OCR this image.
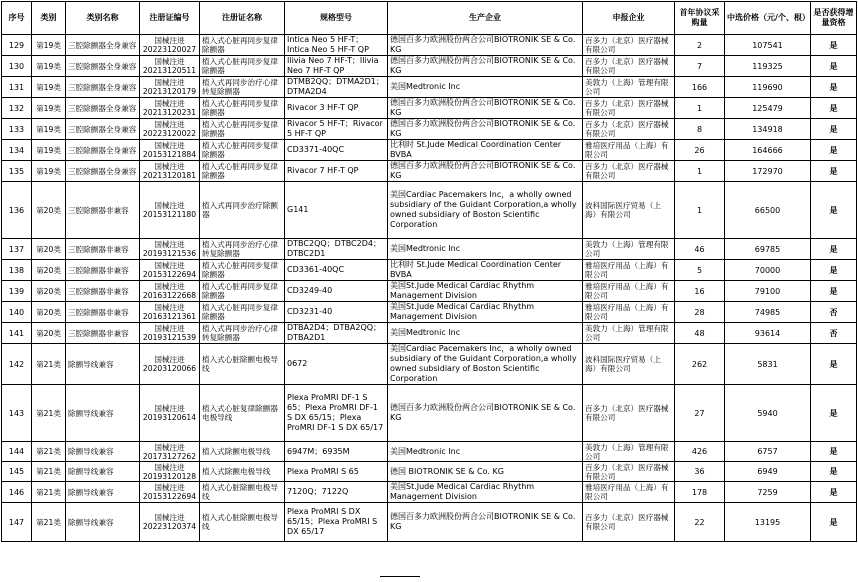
序号	类别	类别名称	注册证编号	注册证名称	规格型号	生产企业	申报企业	首年协议采购量	中选价格（元/个、根）	是否获得增量资格
129	第19类	三腔除颤器全身兼容	国械注进 20223120027	植入式心脏再同步复律除颤器	Intica Neo 5 HF-T；Intica Neo 5 HF-T QP	德国百多力欧洲股份两合公司BIOTRONIK SE & Co. KG	百多力（北京）医疗器械有限公司	2	107541	是
130	第19类	三腔除颤器全身兼容	国械注进 20213120511	植入式心脏再同步复律除颤器	Ilivia Neo 7 HF-T；Ilivia Neo 7 HF-T QP	德国百多力欧洲股份两合公司BIOTRONIK SE & Co. KG	百多力（北京）医疗器械有限公司	7	119325	是
131	第19类	三腔除颤器全身兼容	国械注进 20213120179	植入式再同步治疗心律转复除颤器	DTMB2QQ；DTMA2D1；DTMA2D4	美国Medtronic Inc	美敦力（上海）管理有限公司	166	119690	是
132	第19类	三腔除颤器全身兼容	国械注进 20213120231	植入式心脏再同步复律除颤器	Rivacor 3 HF-T QP	德国百多力欧洲股份两合公司BIOTRONIK SE & Co. KG	百多力（北京）医疗器械有限公司	1	125479	是
133	第19类	三腔除颤器全身兼容	国械注进 20223120022	植入式心脏再同步复律除颤器	Rivacor 5 HF-T；Rivacor 5 HF-T QP	德国百多力欧洲股份两合公司BIOTRONIK SE & Co. KG	百多力（北京）医疗器械有限公司	8	134918	是
134	第19类	三腔除颤器全身兼容	国械注进 20153121884	植入式心脏再同步复律除颤器	CD3371-40QC	比利时 St.Jude Medical Coordination Center BVBA	雅培医疗用品（上海）有限公司	26	164666	是
135	第19类	三腔除颤器全身兼容	国械注进 20213120181	植入式心脏再同步复律除颤器	Rivacor 7 HF-T QP	德国百多力欧洲股份两合公司BIOTRONIK SE & Co. KG	百多力（北京）医疗器械有限公司	1	172970	是
136	第20类	三腔除颤器非兼容	国械注进 20153121180	植入式再同步治疗除颤器	G141	美国Cardiac Pacemakers Inc，a wholly owned subsidiary of the Guidant Corporation,a wholly owned subsidiary of Boston Scientific Corporation	波科国际医疗贸易（上海）有限公司	1	66500	是
137	第20类	三腔除颤器非兼容	国械注进 20193121536	植入式再同步治疗心律转复除颤器	DTBC2QQ；DTBC2D4；DTBC2D1	美国Medtronic Inc	美敦力（上海）管理有限公司	46	69785	是
138	第20类	三腔除颤器非兼容	国械注进 20153122694	植入式心脏再同步复律除颤器	CD3361-40QC	比利时 St.Jude Medical Coordination Center BVBA	雅培医疗用品（上海）有限公司	5	70000	是
139	第20类	三腔除颤器非兼容	国械注进 20163122668	植入式心脏再同步复律除颤器	CD3249-40	美国St.Jude Medical Cardiac Rhythm Management Division	雅培医疗用品（上海）有限公司	16	79100	是
140	第20类	三腔除颤器非兼容	国械注进 20163121361	植入式心脏再同步复律除颤器	CD3231-40	美国St.Jude Medical Cardiac Rhythm Management Division	雅培医疗用品（上海）有限公司	28	74985	否
141	第20类	三腔除颤器非兼容	国械注进 20193121539	植入式再同步治疗心律转复除颤器	DTBA2D4；DTBA2QQ；DTBA2D1	美国Medtronic Inc	美敦力（上海）管理有限公司	48	93614	否
142	第21类	除颤导线兼容	国械注进 20203120066	植入式心脏除颤电极导线	0672	美国Cardiac Pacemakers Inc，a wholly owned subsidiary of the Guidant Corporation,a wholly owned subsidiary of Boston Scientific Corporation	波科国际医疗贸易（上海）有限公司	262	5831	是
143	第21类	除颤导线兼容	国械注进 20193120614	植入式心脏复律除颤器电极导线	Plexa ProMRI DF-1 S 65；Plexa ProMRI DF-1 S DX 65/15；Plexa ProMRI DF-1 S DX 65/17	德国百多力欧洲股份两合公司BIOTRONIK SE & Co. KG	百多力（北京）医疗器械有限公司	27	5940	是
144	第21类	除颤导线兼容	国械注进 20173127262	植入式除颤电极导线	6947M；6935M	美国Medtronic Inc	美敦力（上海）管理有限公司	426	6757	是
145	第21类	除颤导线兼容	国械注进 20193120128	植入式除颤电极导线	Plexa ProMRI S 65	德国 BIOTRONIK SE & Co. KG	百多力（北京）医疗器械有限公司	36	6949	是
146	第21类	除颤导线兼容	国械注进 20153122694	植入式心脏除颤电极导线	7120Q；7122Q	美国St.Jude Medical Cardiac Rhythm Management Division	雅培医疗用品（上海）有限公司	178	7259	是
147	第21类	除颤导线兼容	国械注进 20223120374	植入式心脏除颤电极导线	Plexa ProMRI S DX 65/15；Plexa ProMRI S DX 65/17	德国百多力欧洲股份两合公司BIOTRONIK SE & Co. KG	百多力（北京）医疗器械有限公司	22	13195	是
